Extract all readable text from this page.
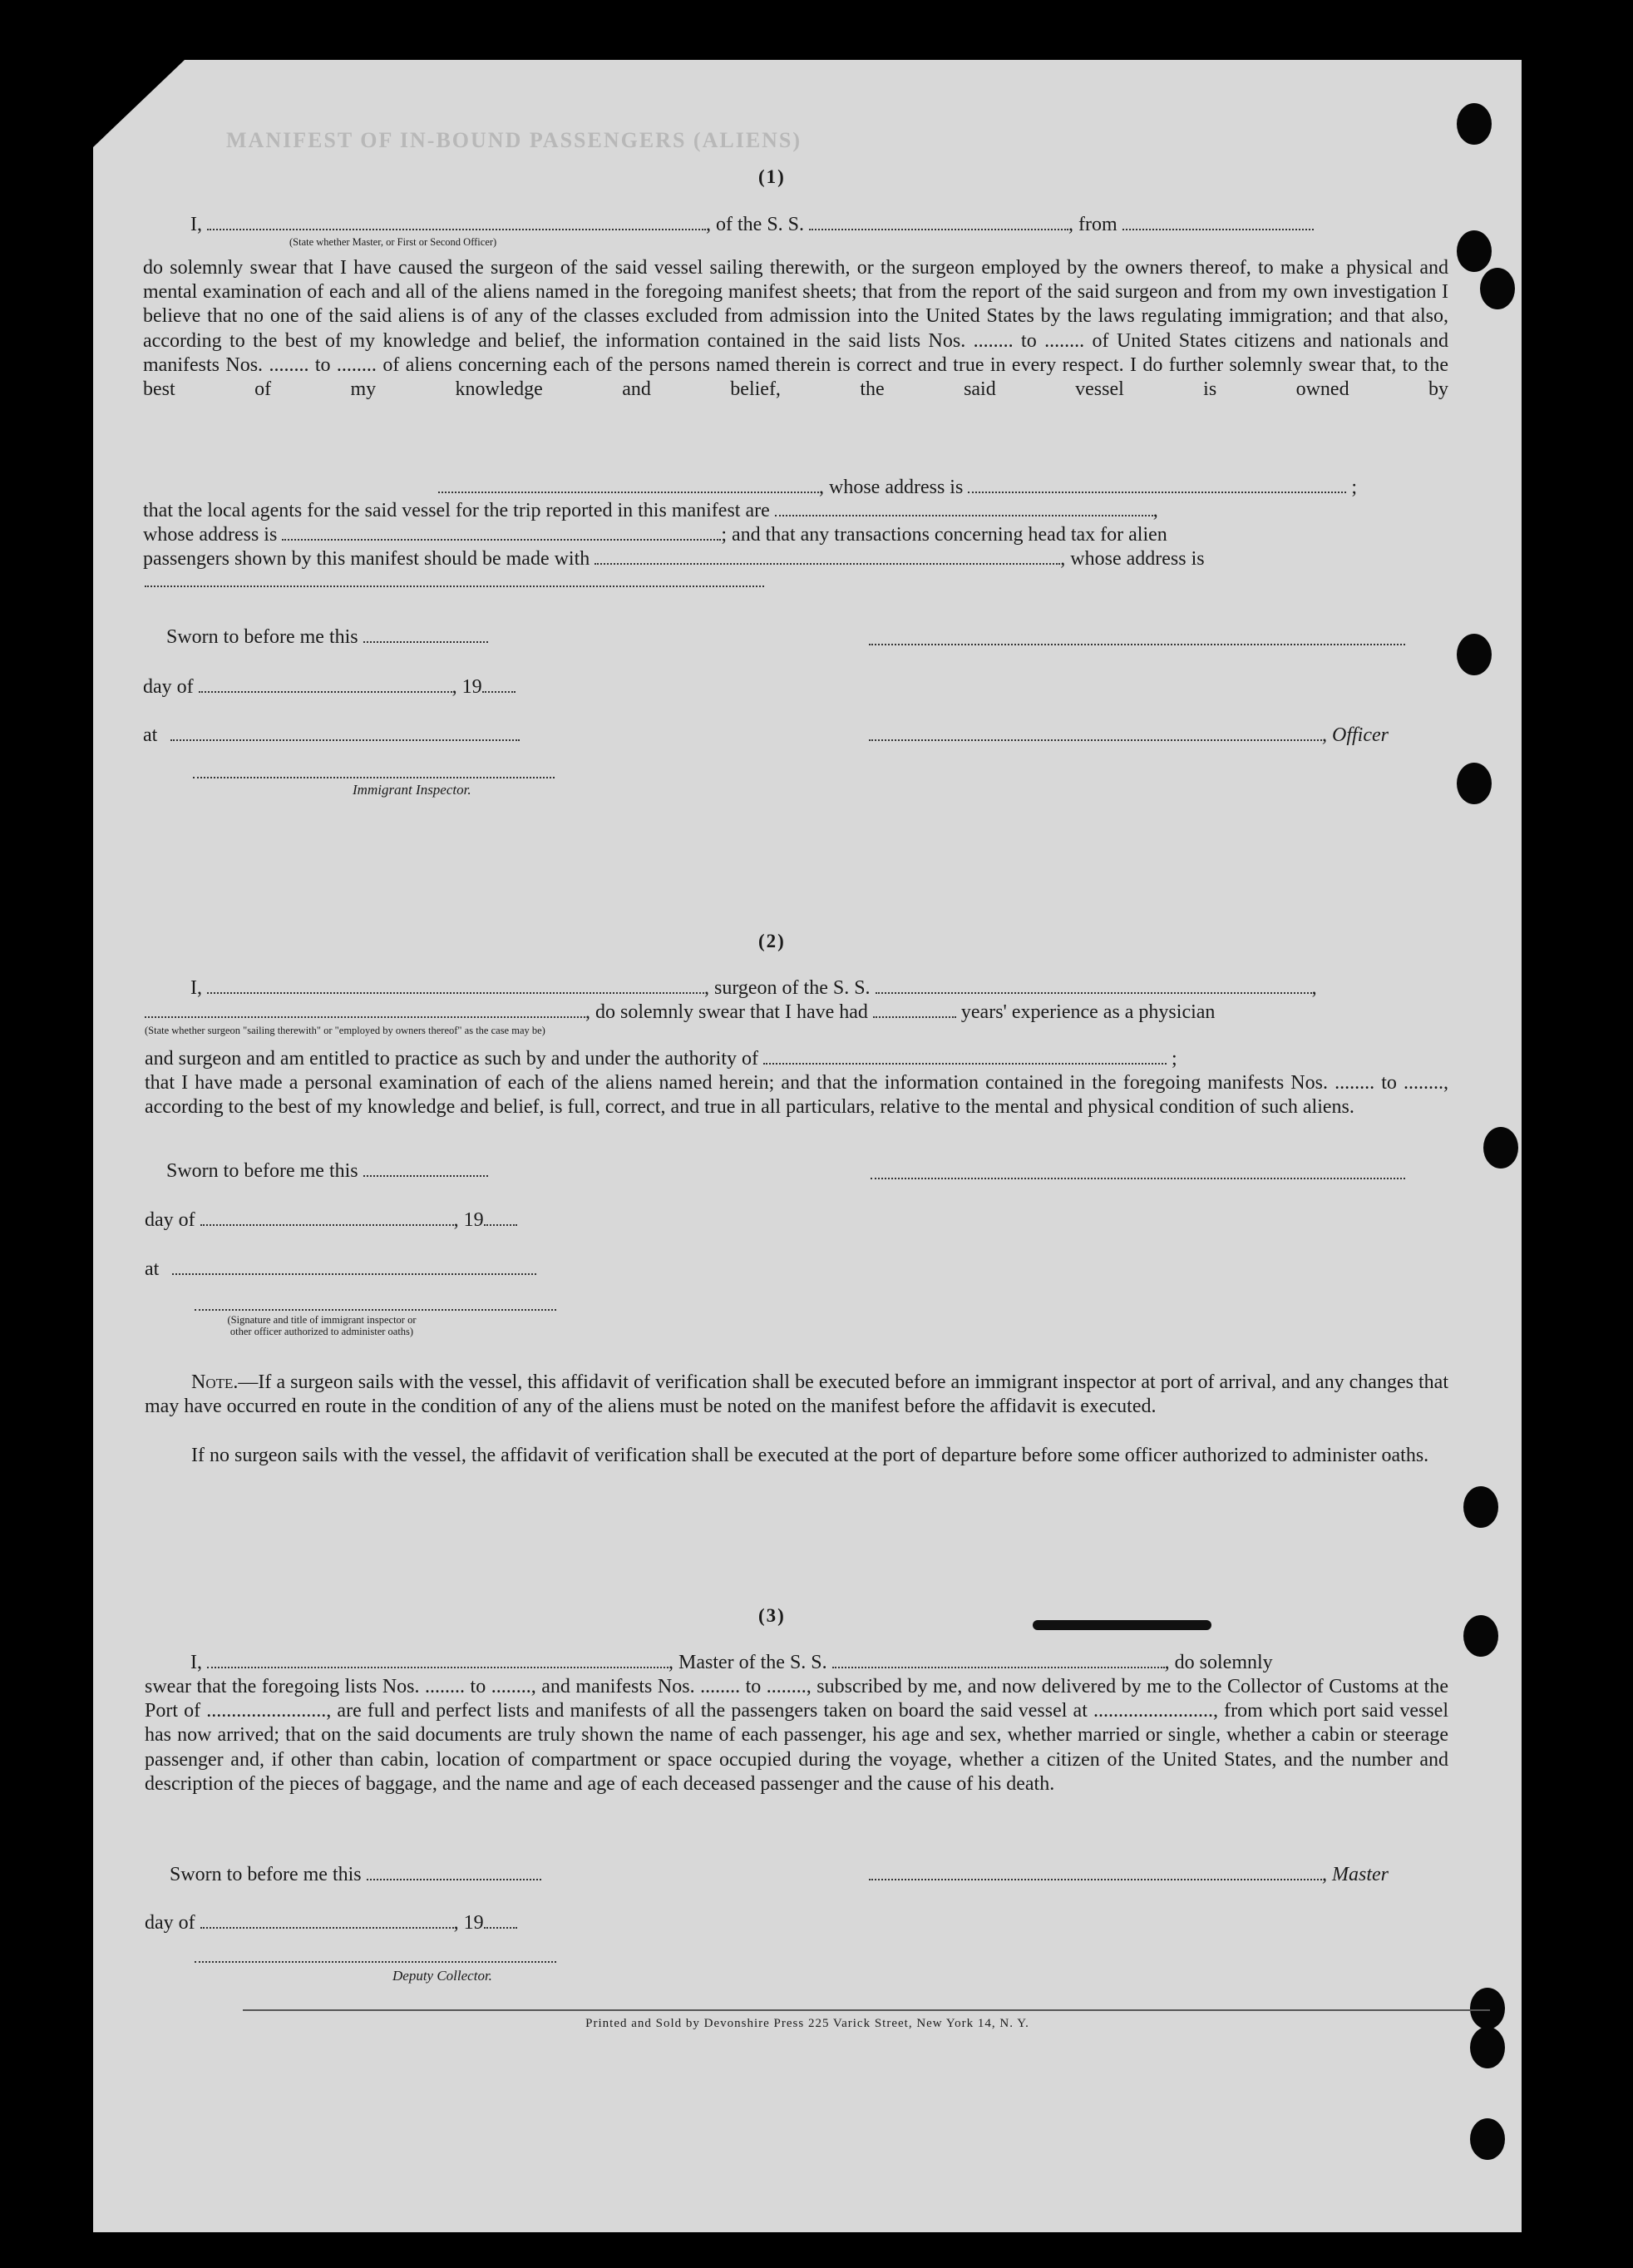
MANIFEST OF IN-BOUND PASSENGERS (ALIENS)
(1)
I,	, of the S. S.	, from
(State whether Master, or First or Second Officer)
do solemnly swear that I have caused the surgeon of the said vessel sailing therewith, or the surgeon employed by the owners thereof, to make a physical and mental examination of each and all of the aliens named in the foregoing manifest sheets; that from the report of the said surgeon and from my own investigation I believe that no one of the said aliens is of any of the classes excluded from admission into the United States by the laws regulating immigration; and that also, according to the best of my knowledge and belief, the information contained in the said lists Nos. ........ to ........ of United States citizens and nationals and manifests Nos. ........ to ........ of aliens concerning each of the persons named therein is correct and true in every respect. I do further solemnly swear that, to the best of my knowledge and belief, the said vessel is owned by
, whose address is	;
that the local agents for the said vessel for the trip reported in this manifest are	,
whose address is	; and that any transactions concerning head tax for alien
passengers shown by this manifest should be made with	, whose address is
Sworn to before me this
day of	, 19
at	, Officer
Immigrant Inspector.
(2)
I,	, surgeon of the S. S.	,
, do solemnly swear that I have had	years' experience as a physician
(State whether surgeon "sailing therewith" or "employed by owners thereof" as the case may be)
and surgeon and am entitled to practice as such by and under the authority of	;
that I have made a personal examination of each of the aliens named herein; and that the information contained in the foregoing manifests Nos. ........ to ........, according to the best of my knowledge and belief, is full, correct, and true in all particulars, relative to the mental and physical condition of such aliens.
Sworn to before me this
day of	, 19
at
(Signature and title of immigrant inspector or other officer authorized to administer oaths)
Note.—If a surgeon sails with the vessel, this affidavit of verification shall be executed before an immigrant inspector at port of arrival, and any changes that may have occurred en route in the condition of any of the aliens must be noted on the manifest before the affidavit is executed.
If no surgeon sails with the vessel, the affidavit of verification shall be executed at the port of departure before some officer authorized to administer oaths.
(3)
I,	, Master of the S. S.	, do solemnly
swear that the foregoing lists Nos. ........ to ........, and manifests Nos. ........ to ........, subscribed by me, and now delivered by me to the Collector of Customs at the Port of ........................, are full and perfect lists and manifests of all the passengers taken on board the said vessel at ........................, from which port said vessel has now arrived; that on the said documents are truly shown the name of each passenger, his age and sex, whether married or single, whether a cabin or steerage passenger and, if other than cabin, location of compartment or space occupied during the voyage, whether a citizen of the United States, and the number and description of the pieces of baggage, and the name and age of each deceased passenger and the cause of his death.
Sworn to before me this	, Master
day of	, 19
Deputy Collector.
Printed and Sold by Devonshire Press 225 Varick Street, New York 14, N. Y.
